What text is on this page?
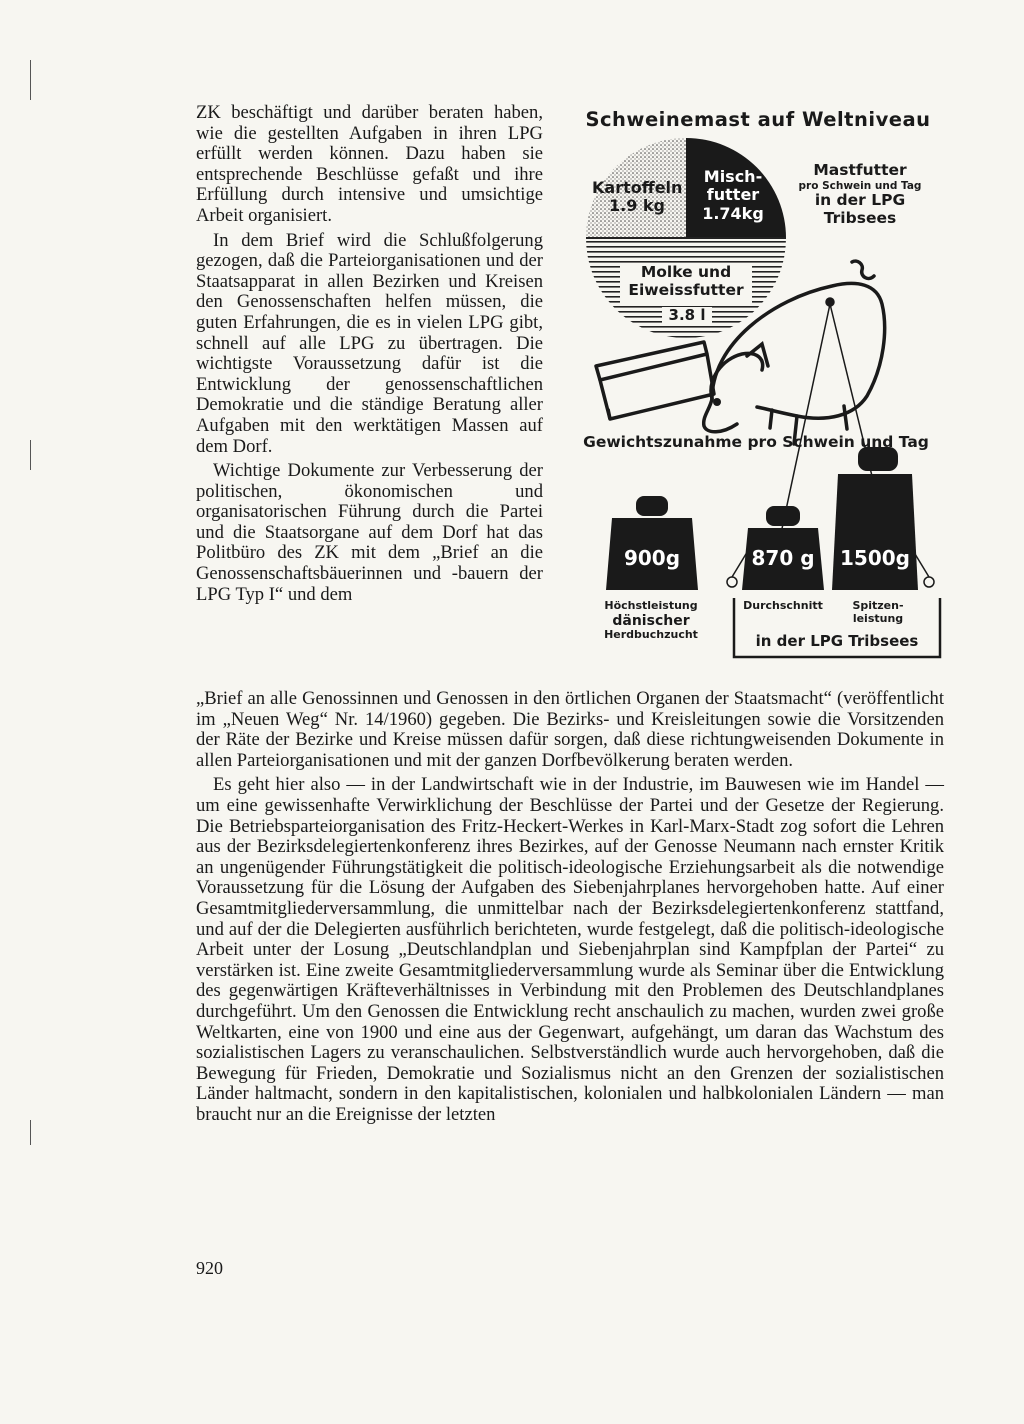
ZK beschäftigt und darüber beraten haben, wie die gestellten Aufgaben in ihren LPG erfüllt werden können. Dazu haben sie entsprechende Beschlüsse gefaßt und ihre Erfüllung durch intensive und umsichtige Arbeit organisiert.

In dem Brief wird die Schlußfolgerung gezogen, daß die Parteiorganisationen und der Staatsapparat in allen Bezirken und Kreisen den Genossenschaften helfen müssen, die guten Erfahrungen, die es in vielen LPG gibt, schnell auf alle LPG zu übertragen. Die wichtigste Voraussetzung dafür ist die Entwicklung der genossenschaftlichen Demokratie und die ständige Beratung aller Aufgaben mit den werktätigen Massen auf dem Dorf.

Wichtige Dokumente zur Verbesserung der politischen, ökonomischen und organisatorischen Führung durch die Partei und die Staatsorgane auf dem Dorf hat das Politbüro des ZK mit dem „Brief an die Genossenschaftsbäuerinnen und -bauern der LPG Typ I“ und dem

„Brief an alle Genossinnen und Genossen in den örtlichen Organen der Staatsmacht“ (veröffentlicht im „Neuen Weg“ Nr. 14/1960) gegeben. Die Bezirks- und Kreisleitungen sowie die Vorsitzenden der Räte der Bezirke und Kreise müssen dafür sorgen, daß diese richtungweisenden Dokumente in allen Parteiorganisationen und mit der ganzen Dorfbevölkerung beraten werden.

Es geht hier also — in der Landwirtschaft wie in der Industrie, im Bauwesen wie im Handel — um eine gewissenhafte Verwirklichung der Beschlüsse der Partei und der Gesetze der Regierung. Die Betriebsparteiorganisation des Fritz-Heckert-Werkes in Karl-Marx-Stadt zog sofort die Lehren aus der Bezirksdelegiertenkonferenz ihres Bezirkes, auf der Genosse Neumann nach ernster Kritik an ungenügender Führungstätigkeit die politisch-ideologische Erziehungsarbeit als die notwendige Voraussetzung für die Lösung der Aufgaben des Siebenjahrplanes hervorgehoben hatte. Auf einer Gesamtmitgliederversammlung, die unmittelbar nach der Bezirksdelegiertenkonferenz stattfand, und auf der die Delegierten ausführlich berichteten, wurde festgelegt, daß die politisch-ideologische Arbeit unter der Losung „Deutschlandplan und Siebenjahrplan sind Kampfplan der Partei“ zu verstärken ist. Eine zweite Gesamtmitgliederversammlung wurde als Seminar über die Entwicklung des gegenwärtigen Kräfteverhältnisses in Verbindung mit den Problemen des Deutschlandplanes durchgeführt. Um den Genossen die Entwicklung recht anschaulich zu machen, wurden zwei große Weltkarten, eine von 1900 und eine aus der Gegenwart, aufgehängt, um daran das Wachstum des sozialistischen Lagers zu veranschaulichen. Selbstverständlich wurde auch hervorgehoben, daß die Bewegung für Frieden, Demokratie und Sozialismus nicht an den Grenzen der sozialistischen Länder haltmacht, sondern in den kapitalistischen, kolonialen und halbkolonialen Ländern — man braucht nur an die Ereignisse der letzten

920
Schweinemast auf Weltniveau
Kartoffeln
1.9 kg
Misch-
futter
1.74kg
Molke und
Eiweissfutter
3.8 l
Mastfutter
pro Schwein und Tag
in der LPG
Tribsees
Gewichtszunahme pro Schwein und Tag
900g	870 g	1500g
Höchstleistung
dänischer
Herdbuchzucht
Durchschnitt	Spitzen-
leistung
in der LPG Tribsees
